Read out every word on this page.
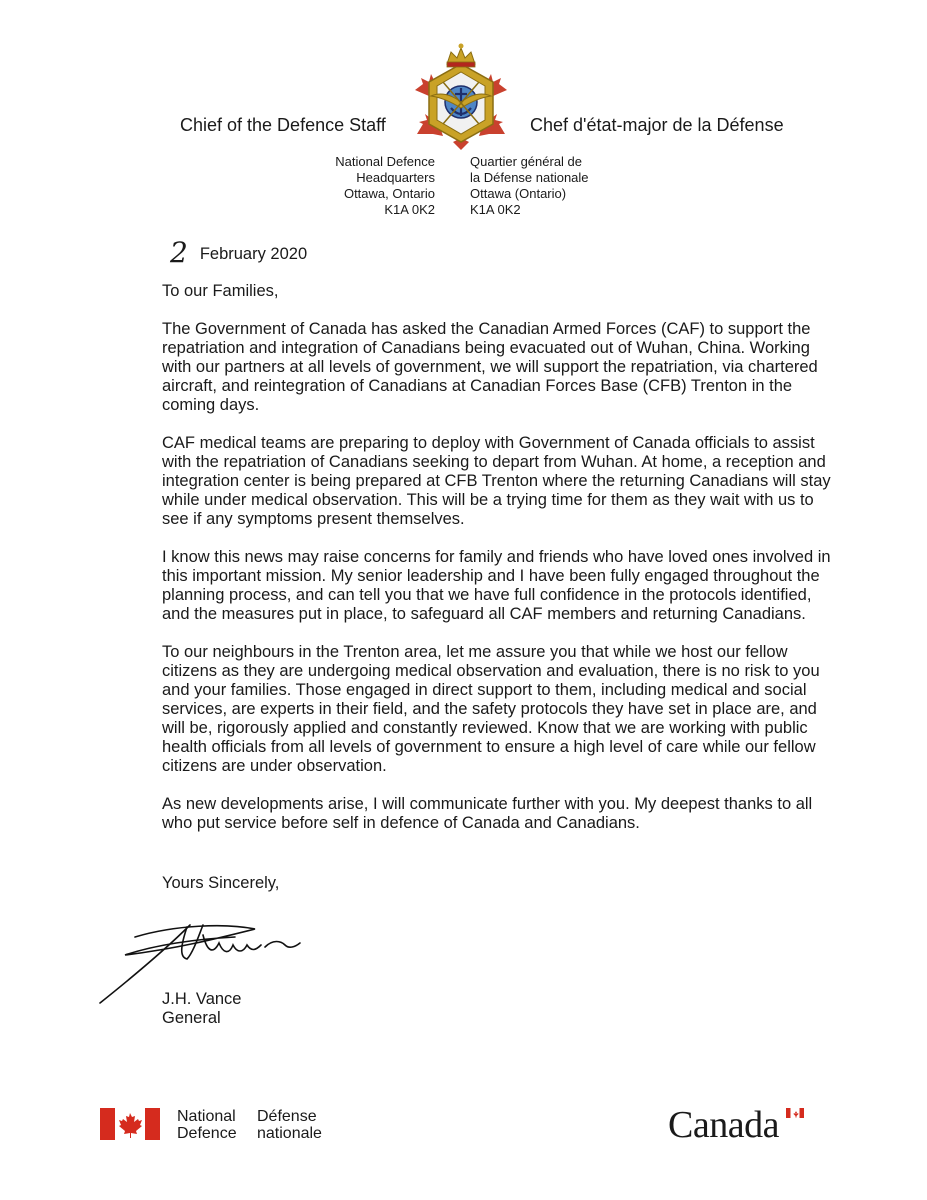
Chief of the Defence Staff	Chef d'état-major de la Défense
National Defence
Headquarters
Ottawa, Ontario
K1A 0K2
Quartier général de
la Défense nationale
Ottawa (Ontario)
K1A 0K2
2 February 2020

To our Families,

The Government of Canada has asked the Canadian Armed Forces (CAF) to support the repatriation and integration of Canadians being evacuated out of Wuhan, China. Working with our partners at all levels of government, we will support the repatriation, via chartered aircraft, and reintegration of Canadians at Canadian Forces Base (CFB) Trenton in the coming days.

CAF medical teams are preparing to deploy with Government of Canada officials to assist with the repatriation of Canadians seeking to depart from Wuhan. At home, a reception and integration center is being prepared at CFB Trenton where the returning Canadians will stay while under medical observation. This will be a trying time for them as they wait with us to see if any symptoms present themselves.

I know this news may raise concerns for family and friends who have loved ones involved in this important mission. My senior leadership and I have been fully engaged throughout the planning process, and can tell you that we have full confidence in the protocols identified, and the measures put in place, to safeguard all CAF members and returning Canadians.

To our neighbours in the Trenton area, let me assure you that while we host our fellow citizens as they are undergoing medical observation and evaluation, there is no risk to you and your families. Those engaged in direct support to them, including medical and social services, are experts in their field, and the safety protocols they have set in place are, and will be, rigorously applied and constantly reviewed. Know that we are working with public health officials from all levels of government to ensure a high level of care while our fellow citizens are under observation.

As new developments arise, I will communicate further with you. My deepest thanks to all who put service before self in defence of Canada and Canadians.

Yours Sincerely,
J.H. Vance
General
National
Defence
Défense
nationale	Canada
